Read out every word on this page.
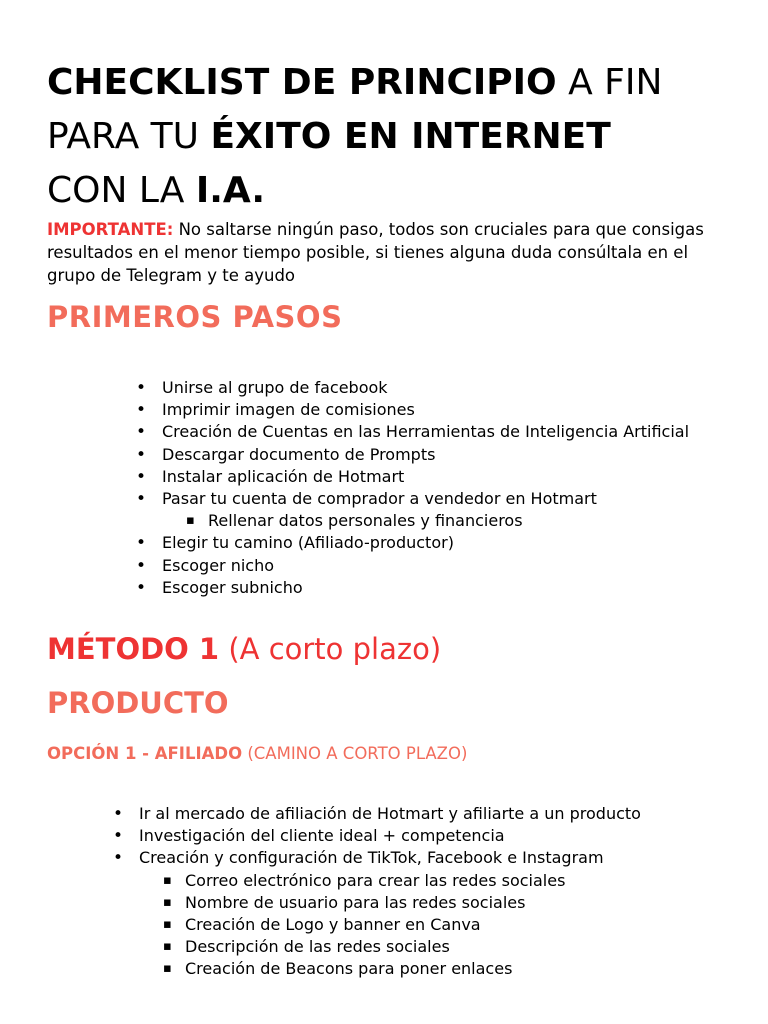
CHECKLIST DE PRINCIPIO A FIN
PARA TU ÉXITO EN INTERNET
CON LA I.A.

IMPORTANTE: No saltarse ningún paso, todos son cruciales para que consigas resultados en el menor tiempo posible, si tienes alguna duda consúltala en el grupo de Telegram y te ayudo

PRIMEROS PASOS
• Unirse al grupo de facebook
• Imprimir imagen de comisiones
• Creación de Cuentas en las Herramientas de Inteligencia Artificial
• Descargar documento de Prompts
• Instalar aplicación de Hotmart
• Pasar tu cuenta de comprador a vendedor en Hotmart
▪ Rellenar datos personales y financieros
• Elegir tu camino (Afiliado-productor)
• Escoger nicho
• Escoger subnicho
MÉTODO 1 (A corto plazo)
PRODUCTO
OPCIÓN 1 - AFILIADO (CAMINO A CORTO PLAZO)
• Ir al mercado de afiliación de Hotmart y afiliarte a un producto
• Investigación del cliente ideal + competencia
• Creación y configuración de TikTok, Facebook e Instagram
▪ Correo electrónico para crear las redes sociales
▪ Nombre de usuario para las redes sociales
▪ Creación de Logo y banner en Canva
▪ Descripción de las redes sociales
▪ Creación de Beacons para poner enlaces
